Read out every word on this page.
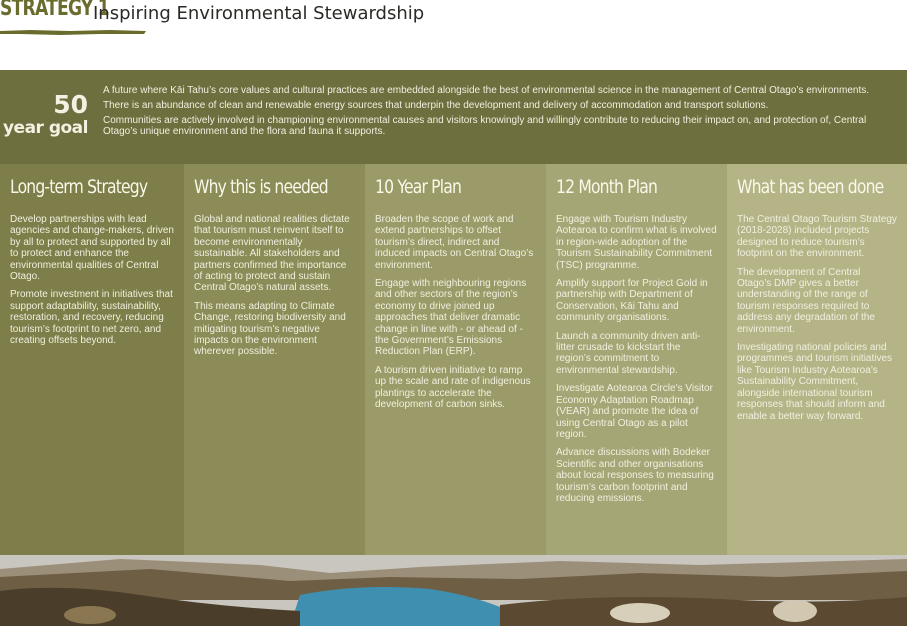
STRATEGY 1
Inspiring Environmental Stewardship
50
year goal

A future where Kāi Tahu’s core values and cultural practices are embedded alongside the best of environmental science in the management of Central Otago’s environments.

There is an abundance of clean and renewable energy sources that underpin the development and delivery of accommodation and transport solutions.

Communities are actively involved in championing environmental causes and visitors knowingly and willingly contribute to reducing their impact on, and protection of, Central Otago’s unique environment and the flora and fauna it supports.

Long-term Strategy

Develop partnerships with lead agencies and change-makers, driven by all to protect and supported by all to protect and enhance the environmental qualities of Central Otago.

Promote investment in initiatives that support adaptability, sustainability, restoration, and recovery, reducing tourism’s footprint to net zero, and creating offsets beyond.

Why this is needed

Global and national realities dictate that tourism must reinvent itself to become environmentally sustainable. All stakeholders and partners confirmed the importance of acting to protect and sustain Central Otago’s natural assets.

This means adapting to Climate Change, restoring biodiversity and mitigating tourism’s negative impacts on the environment wherever possible.

10 Year Plan

Broaden the scope of work and extend partnerships to offset tourism’s direct, indirect and induced impacts on Central Otago’s environment.

Engage with neighbouring regions and other sectors of the region’s economy to drive joined up approaches that deliver dramatic change in line with - or ahead of - the Government’s Emissions Reduction Plan (ERP).

A tourism driven initiative to ramp up the scale and rate of indigenous plantings to accelerate the development of carbon sinks.

12 Month Plan

Engage with Tourism Industry Aotearoa to confirm what is involved in region-wide adoption of the Tourism Sustainability Commitment (TSC) programme.

Amplify support for Project Gold in partnership with Department of Conservation, Kāi Tahu and community organisations.

Launch a community driven anti-litter crusade to kickstart the region’s commitment to environmental stewardship.

Investigate Aotearoa Circle’s Visitor Economy Adaptation Roadmap (VEAR) and promote the idea of using Central Otago as a pilot region.

Advance discussions with Bodeker Scientific and other organisations about local responses to measuring tourism’s carbon footprint and reducing emissions.

What has been done

The Central Otago Tourism Strategy (2018-2028) included projects designed to reduce tourism’s footprint on the environment.

The development of Central Otago’s DMP gives a better understanding of the range of tourism responses required to address any degradation of the environment.

Investigating national policies and programmes and tourism initiatives like Tourism Industry Aotearoa’s Sustainability Commitment, alongside international tourism responses that should inform and enable a better way forward.
